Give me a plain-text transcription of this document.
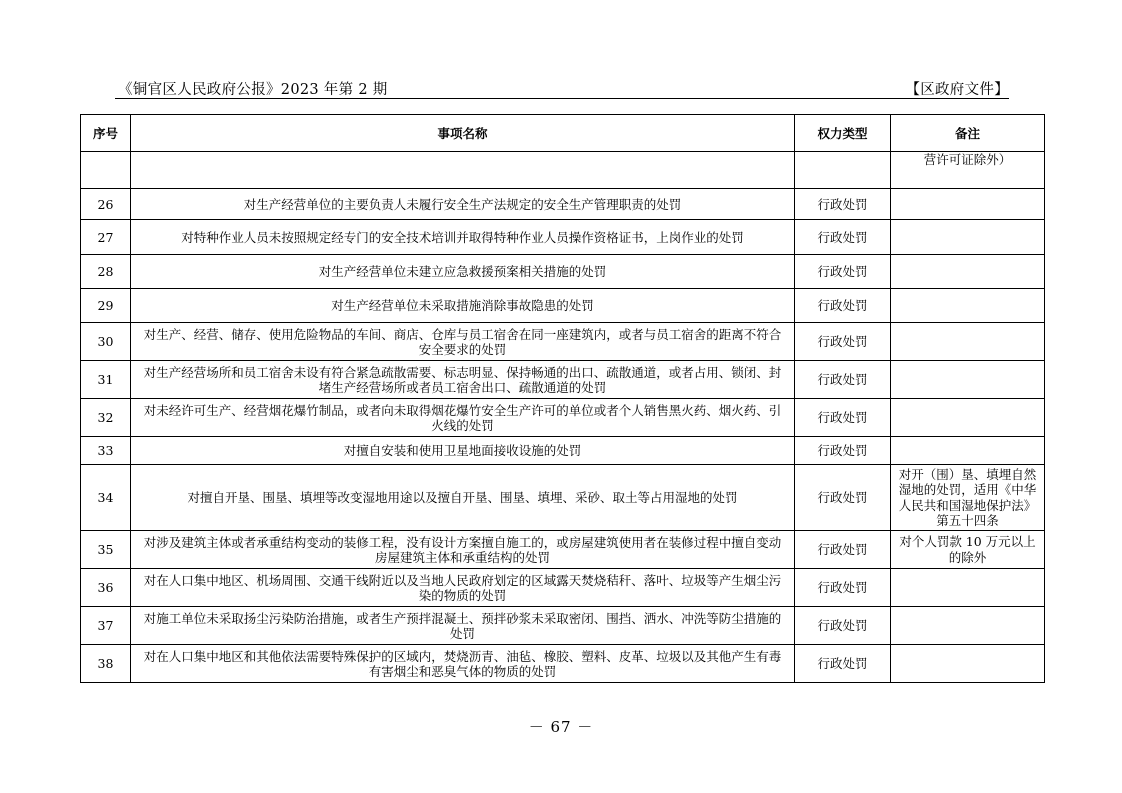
《铜官区人民政府公报》2023 年第 2 期	【区政府文件】
序号	事项名称	权力类型	备注
			营许可证除外）
26	对生产经营单位的主要负责人未履行安全生产法规定的安全生产管理职责的处罚	行政处罚	
27	对特种作业人员未按照规定经专门的安全技术培训并取得特种作业人员操作资格证书，上岗作业的处罚	行政处罚	
28	对生产经营单位未建立应急救援预案相关措施的处罚	行政处罚	
29	对生产经营单位未采取措施消除事故隐患的处罚	行政处罚	
30	对生产、经营、储存、使用危险物品的车间、商店、仓库与员工宿舍在同一座建筑内，或者与员工宿舍的距离不符合安全要求的处罚	行政处罚	
31	对生产经营场所和员工宿舍未设有符合紧急疏散需要、标志明显、保持畅通的出口、疏散通道，或者占用、锁闭、封堵生产经营场所或者员工宿舍出口、疏散通道的处罚	行政处罚	
32	对未经许可生产、经营烟花爆竹制品，或者向未取得烟花爆竹安全生产许可的单位或者个人销售黑火药、烟火药、引火线的处罚	行政处罚	
33	对擅自安装和使用卫星地面接收设施的处罚	行政处罚	
34	对擅自开垦、围垦、填埋等改变湿地用途以及擅自开垦、围垦、填埋、采砂、取土等占用湿地的处罚	行政处罚	对开（围）垦、填埋自然湿地的处罚，适用《中华人民共和国湿地保护法》第五十四条
35	对涉及建筑主体或者承重结构变动的装修工程，没有设计方案擅自施工的，或房屋建筑使用者在装修过程中擅自变动房屋建筑主体和承重结构的处罚	行政处罚	对个人罚款 10 万元以上的除外
36	对在人口集中地区、机场周围、交通干线附近以及当地人民政府划定的区域露天焚烧秸秆、落叶、垃圾等产生烟尘污染的物质的处罚	行政处罚	
37	对施工单位未采取扬尘污染防治措施，或者生产预拌混凝土、预拌砂浆未采取密闭、围挡、洒水、冲洗等防尘措施的处罚	行政处罚	
38	对在人口集中地区和其他依法需要特殊保护的区域内，焚烧沥青、油毡、橡胶、塑料、皮革、垃圾以及其他产生有毒有害烟尘和恶臭气体的物质的处罚	行政处罚	
－ 67 －
